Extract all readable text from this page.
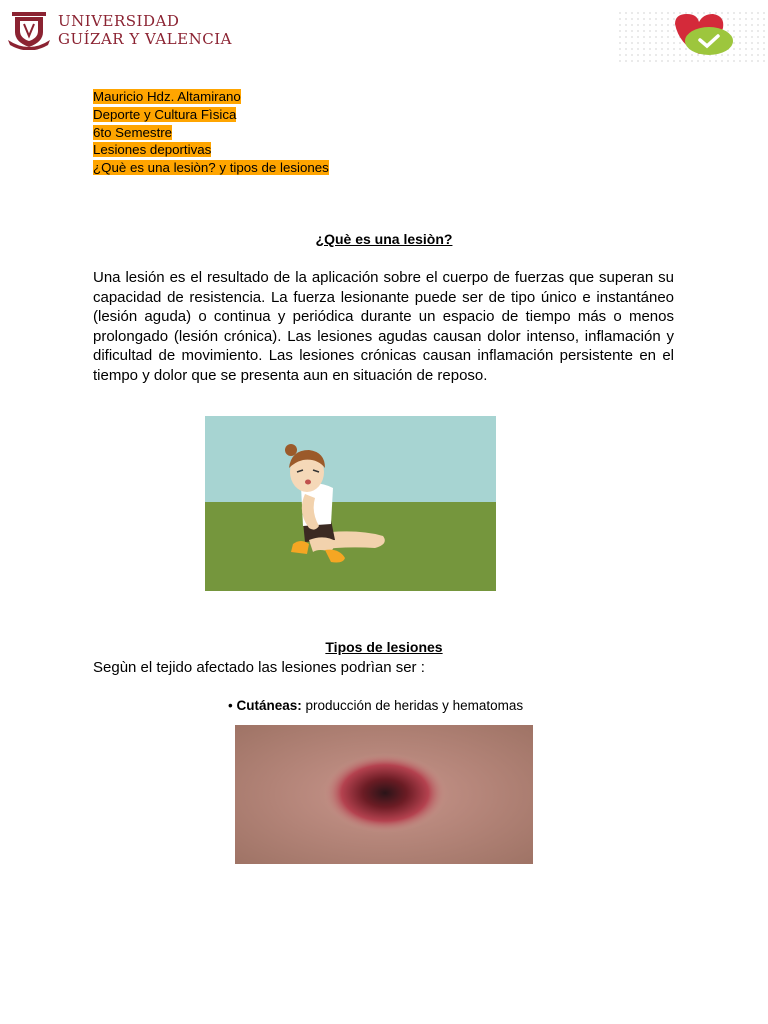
UNIVERSIDAD
GUÍZAR Y VALENCIA
Mauricio Hdz. Altamirano
Deporte y Cultura Fìsica
6to Semestre
Lesiones deportivas
¿Què es una lesiòn? y tipos de lesiones
¿Què es una lesiòn?

Una lesión es el resultado de la aplicación sobre el cuerpo de fuerzas que superan su capacidad de resistencia. La fuerza lesionante puede ser de tipo único e instantáneo (lesión aguda) o continua y periódica durante un espacio de tiempo más o menos prolongado (lesión crónica). Las lesiones agudas causan dolor intenso, inflamación y dificultad de movimiento. Las lesiones crónicas causan inflamación persistente en el tiempo y dolor que se presenta aun en situación de reposo.

Tipos de lesiones

Segùn el tejido afectado las lesiones podrìan ser :

• Cutáneas: producción de heridas y hematomas
